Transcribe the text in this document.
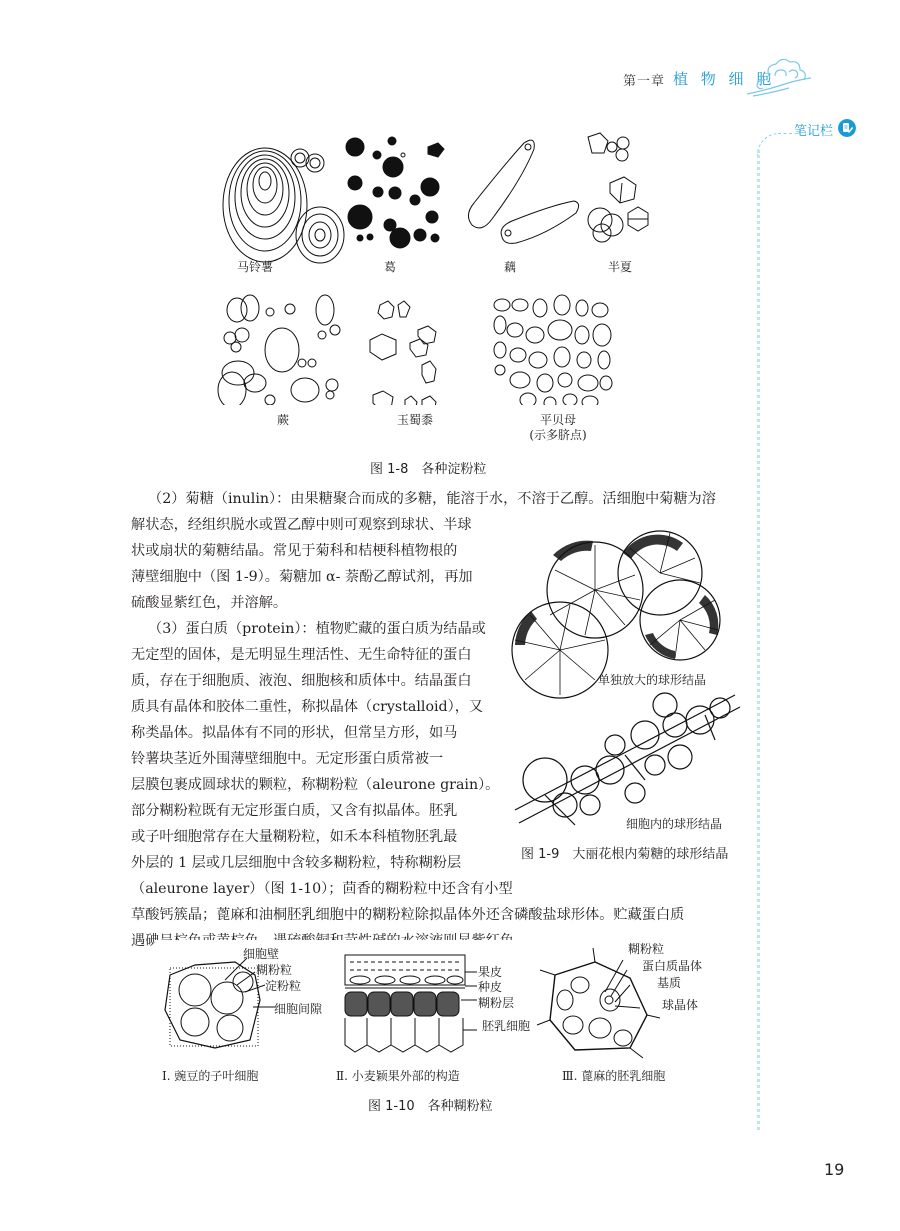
第一章 植 物 细 胞
笔记栏
马铃薯	葛	藕	半夏
蕨	玉蜀黍	平贝母
(示多脐点)
图 1-8　各种淀粉粒
（2）菊糖（inulin）：由果糖聚合而成的多糖，能溶于水，不溶于乙醇。活细胞中菊糖为溶
解状态，经组织脱水或置乙醇中则可观察到球状、半球
状或扇状的菊糖结晶。常见于菊科和桔梗科植物根的
薄壁细胞中（图 1-9）。菊糖加 α- 萘酚乙醇试剂，再加
硫酸显紫红色，并溶解。
（3）蛋白质（protein）：植物贮藏的蛋白质为结晶或
无定型的固体，是无明显生理活性、无生命特征的蛋白
质，存在于细胞质、液泡、细胞核和质体中。结晶蛋白
质具有晶体和胶体二重性，称拟晶体（crystalloid），又
称类晶体。拟晶体有不同的形状，但常呈方形，如马
铃薯块茎近外围薄壁细胞中。无定形蛋白质常被一
层膜包裹成圆球状的颗粒，称糊粉粒（aleurone grain）。
部分糊粉粒既有无定形蛋白质，又含有拟晶体。胚乳
或子叶细胞常存在大量糊粉粒，如禾本科植物胚乳最
外层的 1 层或几层细胞中含较多糊粉粒，特称糊粉层
（aleurone layer）（图 1-10）；茴香的糊粉粒中还含有小型
草酸钙簇晶；蓖麻和油桐胚乳细胞中的糊粉粒除拟晶体外还含磷酸盐球形体。贮藏蛋白质
遇碘呈棕色或黄棕色，遇硫酸铜和苛性碱的水溶液则显紫红色。
单独放大的球形结晶
细胞内的球形结晶
图 1-9　大丽花根内菊糖的球形结晶
细胞壁
糊粉粒
淀粉粒
细胞间隙
Ⅰ. 豌豆的子叶细胞
果皮
种皮
糊粉层
胚乳细胞
Ⅱ. 小麦颖果外部的构造
糊粉粒
蛋白质晶体
基质
球晶体
Ⅲ. 蓖麻的胚乳细胞
图 1-10　各种糊粉粒
19
